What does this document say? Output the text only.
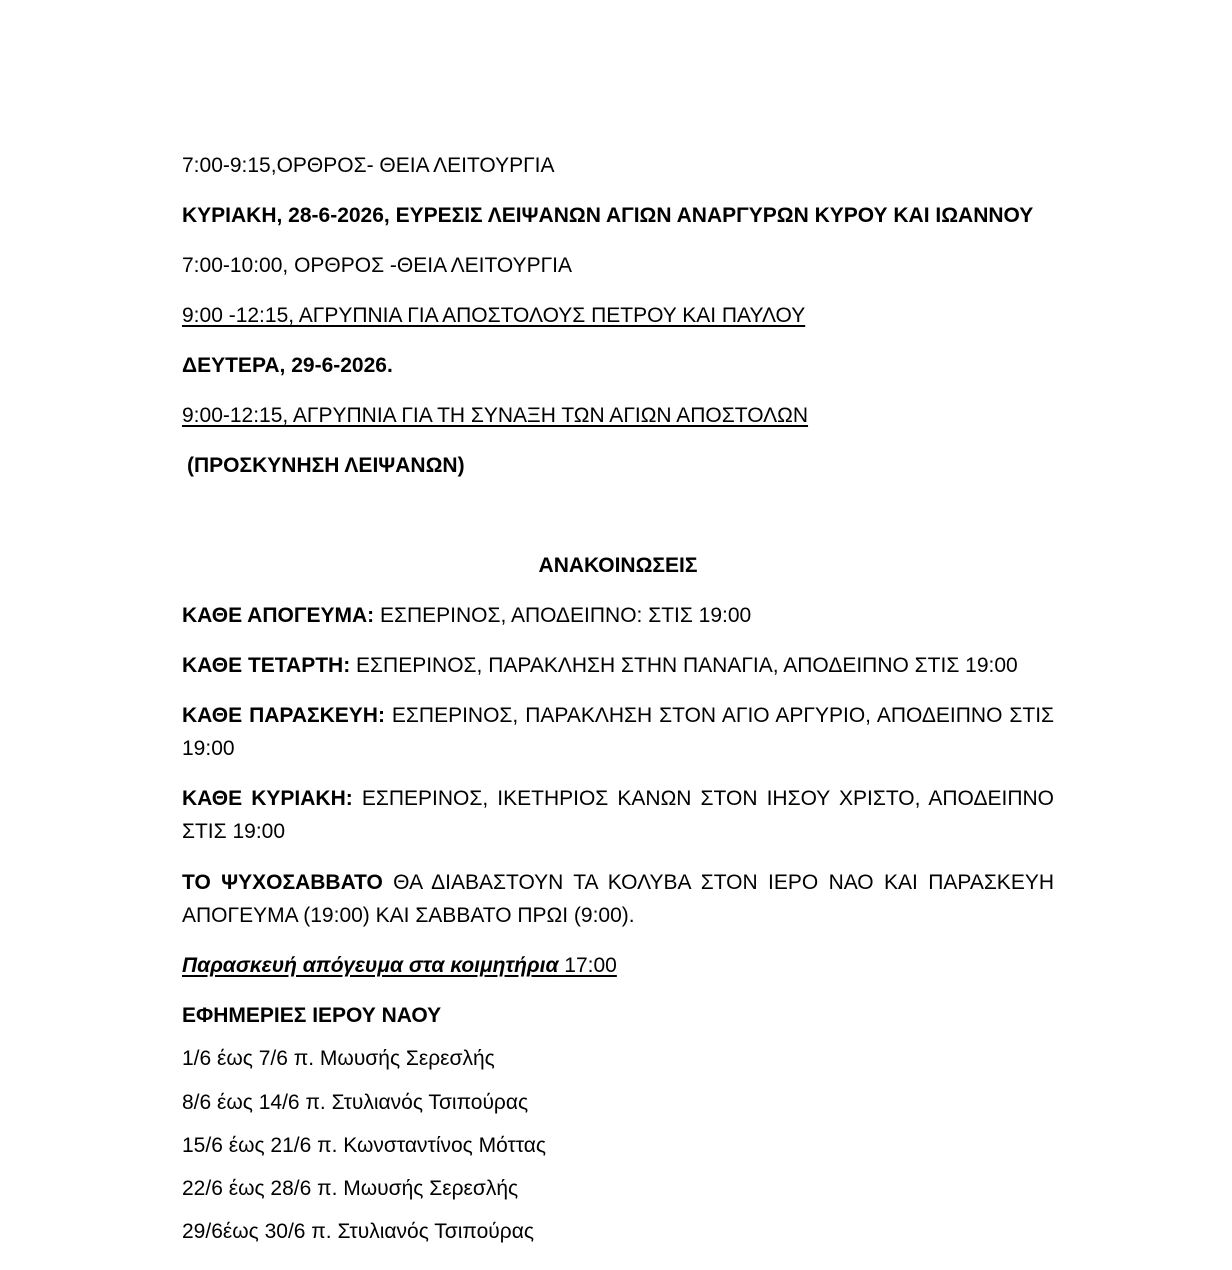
7:00-9:15,ΟΡΘΡΟΣ- ΘΕΙΑ ΛΕΙΤΟΥΡΓΙΑ
ΚΥΡΙΑΚΗ, 28-6-2026, ΕΥΡΕΣΙΣ ΛΕΙΨΑΝΩΝ ΑΓΙΩΝ ΑΝΑΡΓΥΡΩΝ ΚΥΡΟΥ ΚΑΙ ΙΩΑΝΝΟΥ
7:00-10:00, ΟΡΘΡΟΣ -ΘΕΙΑ ΛΕΙΤΟΥΡΓΙΑ
9:00 -12:15, ΑΓΡΥΠΝΙΑ ΓΙΑ ΑΠΟΣΤΟΛΟΥΣ ΠΕΤΡΟΥ ΚΑΙ ΠΑΥΛΟΥ
ΔΕΥΤΕΡΑ, 29-6-2026.
9:00-12:15, ΑΓΡΥΠΝΙΑ ΓΙΑ ΤΗ ΣΥΝΑΞΗ ΤΩΝ ΑΓΙΩΝ ΑΠΟΣΤΟΛΩΝ
(ΠΡΟΣΚΥΝΗΣΗ ΛΕΙΨΑΝΩΝ)
ΑΝΑΚΟΙΝΩΣΕΙΣ
ΚΑΘΕ ΑΠΟΓΕΥΜΑ: ΕΣΠΕΡΙΝΟΣ, ΑΠΟΔΕΙΠΝΟ: ΣΤΙΣ 19:00
ΚΑΘΕ ΤΕΤΑΡΤΗ: ΕΣΠΕΡΙΝΟΣ, ΠΑΡΑΚΛΗΣΗ ΣΤΗΝ ΠΑΝΑΓΙΑ, ΑΠΟΔΕΙΠΝΟ ΣΤΙΣ 19:00
ΚΑΘΕ ΠΑΡΑΣΚΕΥΗ: ΕΣΠΕΡΙΝΟΣ, ΠΑΡΑΚΛΗΣΗ ΣΤΟΝ ΑΓΙΟ ΑΡΓΥΡΙΟ, ΑΠΟΔΕΙΠΝΟ ΣΤΙΣ 19:00
ΚΑΘΕ ΚΥΡΙΑΚΗ: ΕΣΠΕΡΙΝΟΣ, ΙΚΕΤΗΡΙΟΣ ΚΑΝΩΝ ΣΤΟΝ ΙΗΣΟΥ ΧΡΙΣΤΟ, ΑΠΟΔΕΙΠΝΟ ΣΤΙΣ 19:00
ΤΟ ΨΥΧΟΣΑΒΒΑΤΟ ΘΑ ΔΙΑΒΑΣΤΟΥΝ ΤΑ ΚΟΛΥΒΑ ΣΤΟΝ ΙΕΡΟ ΝΑΟ ΚΑΙ ΠΑΡΑΣΚΕΥΗ ΑΠΟΓΕΥΜΑ (19:00) ΚΑΙ ΣΑΒΒΑΤΟ ΠΡΩΙ (9:00).
Παρασκευή απόγευμα στα κοιμητήρια 17:00
ΕΦΗΜΕΡΙΕΣ ΙΕΡΟΥ ΝΑΟΥ
1/6 έως 7/6 π. Μωυσής Σερεσλής
8/6 έως 14/6 π. Στυλιανός Τσιπούρας
15/6 έως 21/6 π. Κωνσταντίνος Μόττας
22/6 έως 28/6 π. Μωυσής Σερεσλής
29/6έως 30/6 π. Στυλιανός Τσιπούρας
